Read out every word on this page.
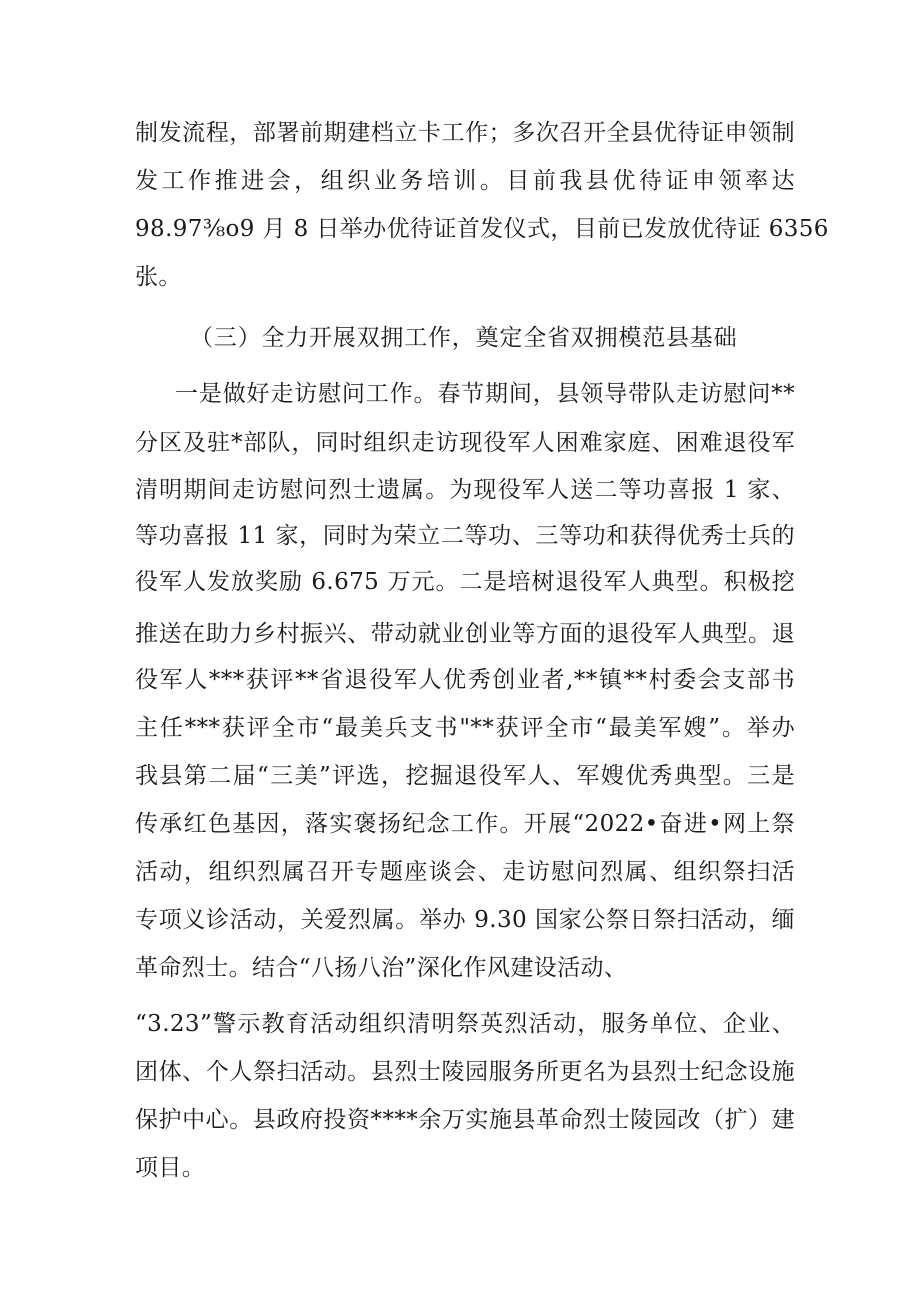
制发流程，部署前期建档立卡工作；多次召开全县优待证申领制
发工作推进会，组织业务培训。目前我县优待证申领率达
98.97⅜o9 月 8 日举办优待证首发仪式，目前已发放优待证 6356
张。
（三）全力开展双拥工作，奠定全省双拥模范县基础
一是做好走访慰问工作。春节期间，县领导带队走访慰问**
分区及驻*部队，同时组织走访现役军人困难家庭、困难退役军
清明期间走访慰问烈士遗属。为现役军人送二等功喜报 1 家、
等功喜报 11 家，同时为荣立二等功、三等功和获得优秀士兵的
役军人发放奖励 6.675 万元。二是培树退役军人典型。积极挖
推送在助力乡村振兴、带动就业创业等方面的退役军人典型。退
役军人***获评**省退役军人优秀创业者,**镇**村委会支部书
主任***获评全市“最美兵支书"**获评全市“最美军嫂”。举办
我县第二届“三美”评选，挖掘退役军人、军嫂优秀典型。三是
传承红色基因，落实褒扬纪念工作。开展“2022•奋进•网上祭
活动，组织烈属召开专题座谈会、走访慰问烈属、组织祭扫活
专项义诊活动，关爱烈属。举办 9.30 国家公祭日祭扫活动，缅
革命烈士。结合“八扬八治”深化作风建设活动、
“3.23”警示教育活动组织清明祭英烈活动，服务单位、企业、
团体、个人祭扫活动。县烈士陵园服务所更名为县烈士纪念设施
保护中心。县政府投资****余万实施县革命烈士陵园改（扩）建
项目。
